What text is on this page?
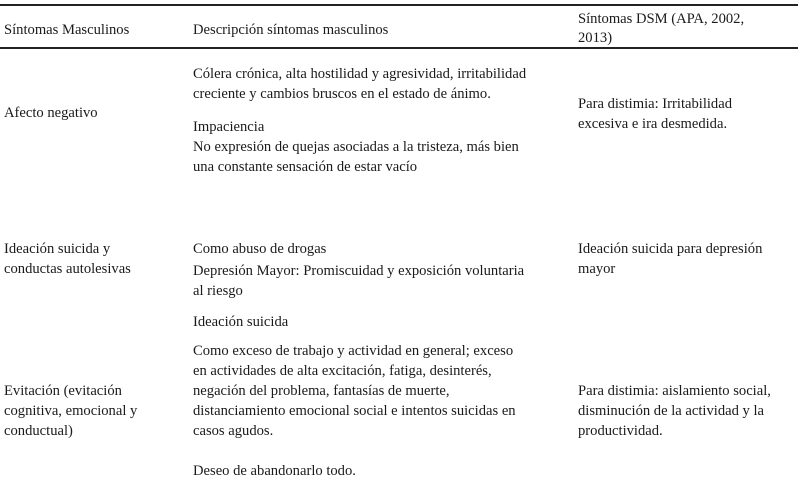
Síntomas Masculinos	Descripción síntomas masculinos
Síntomas DSM (APA, 2002,
2013)
Afecto negativo
Cólera crónica, alta hostilidad y agresividad, irritabilidad
creciente y cambios bruscos en el estado de ánimo.
Impaciencia
No expresión de quejas asociadas a la tristeza, más bien
una constante sensación de estar vacío
Para distimia: Irritabilidad
excesiva e ira desmedida.
Ideación suicida y
conductas autolesivas
Como abuso de drogas
Depresión Mayor: Promiscuidad y exposición voluntaria
al riesgo
Ideación suicida
Ideación suicida para depresión
mayor
Evitación (evitación
cognitiva, emocional y
conductual)
Como exceso de trabajo y actividad en general; exceso
en actividades de alta excitación, fatiga, desinterés,
negación del problema, fantasías de muerte,
distanciamiento emocional social e intentos suicidas en
casos agudos.
Deseo de abandonarlo todo.
Para distimia: aislamiento social,
disminución de la actividad y la
productividad.
